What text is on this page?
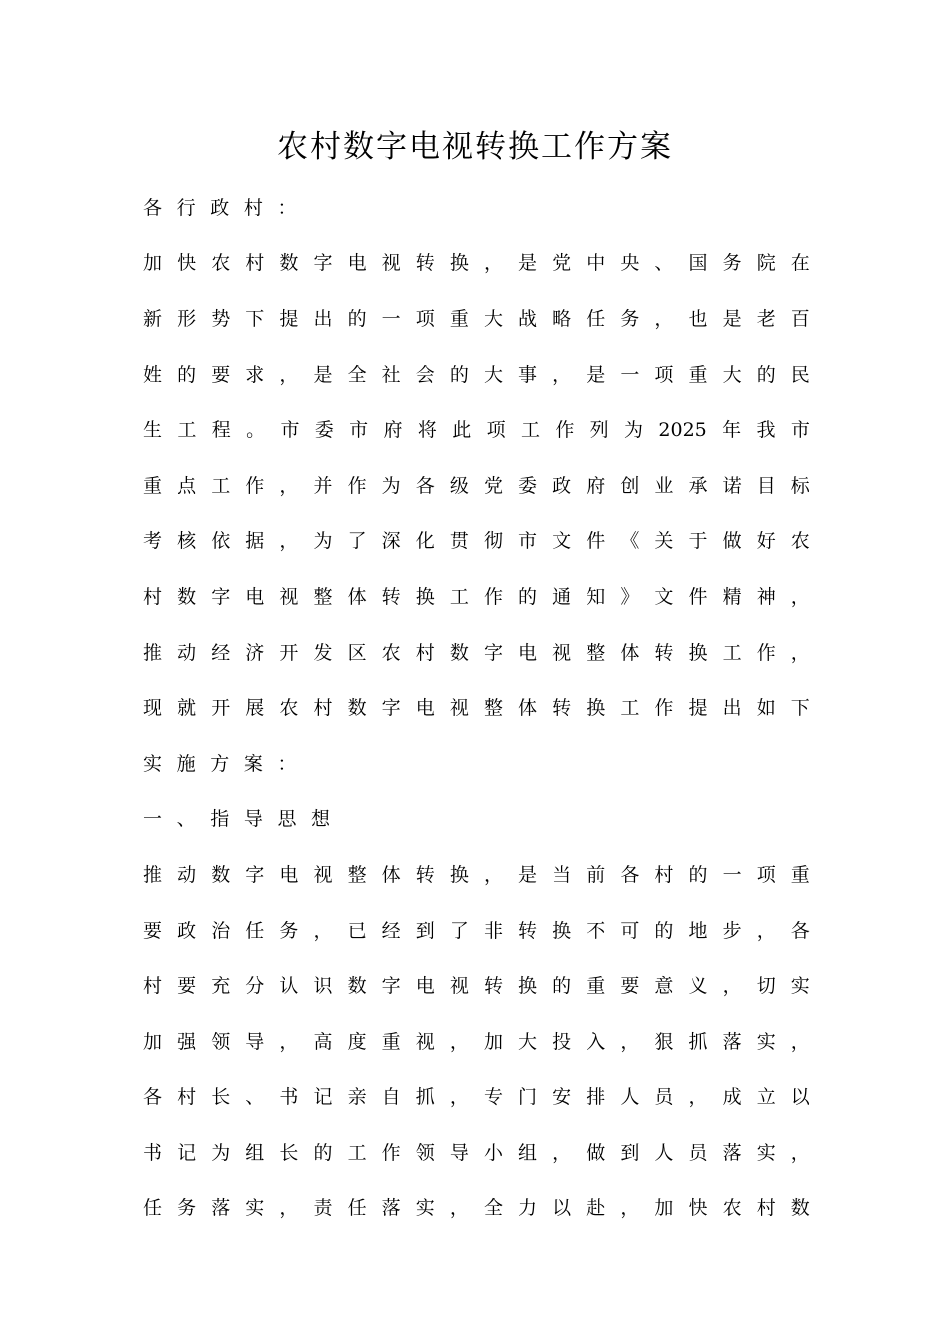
农村数字电视转换工作方案
各 行 政 村 ：
加 快 农 村 数 字 电 视 转 换 ， 是 党 中 央 、 国 务 院 在
新 形 势 下 提 出 的 一 项 重 大 战 略 任 务 ， 也 是 老 百
姓 的 要 求 ， 是 全 社 会 的 大 事 ， 是 一 项 重 大 的 民
生 工 程 。 市 委 市 府 将 此 项 工 作 列 为 2025 年 我 市
重 点 工 作 ， 并 作 为 各 级 党 委 政 府 创 业 承 诺 目 标
考 核 依 据 ， 为 了 深 化 贯 彻 市 文 件 《 关 于 做 好 农
村 数 字 电 视 整 体 转 换 工 作 的 通 知 》 文 件 精 神 ，
推 动 经 济 开 发 区 农 村 数 字 电 视 整 体 转 换 工 作 ，
现 就 开 展 农 村 数 字 电 视 整 体 转 换 工 作 提 出 如 下
实 施 方 案 ：
一 、 指 导 思 想
推 动 数 字 电 视 整 体 转 换 ， 是 当 前 各 村 的 一 项 重
要 政 治 任 务 ， 已 经 到 了 非 转 换 不 可 的 地 步 ， 各
村 要 充 分 认 识 数 字 电 视 转 换 的 重 要 意 义 ， 切 实
加 强 领 导 ， 高 度 重 视 ， 加 大 投 入 ， 狠 抓 落 实 ，
各 村 长 、 书 记 亲 自 抓 ， 专 门 安 排 人 员 ， 成 立 以
书 记 为 组 长 的 工 作 领 导 小 组 ， 做 到 人 员 落 实 ，
任 务 落 实 ， 责 任 落 实 ， 全 力 以 赴 ， 加 快 农 村 数
